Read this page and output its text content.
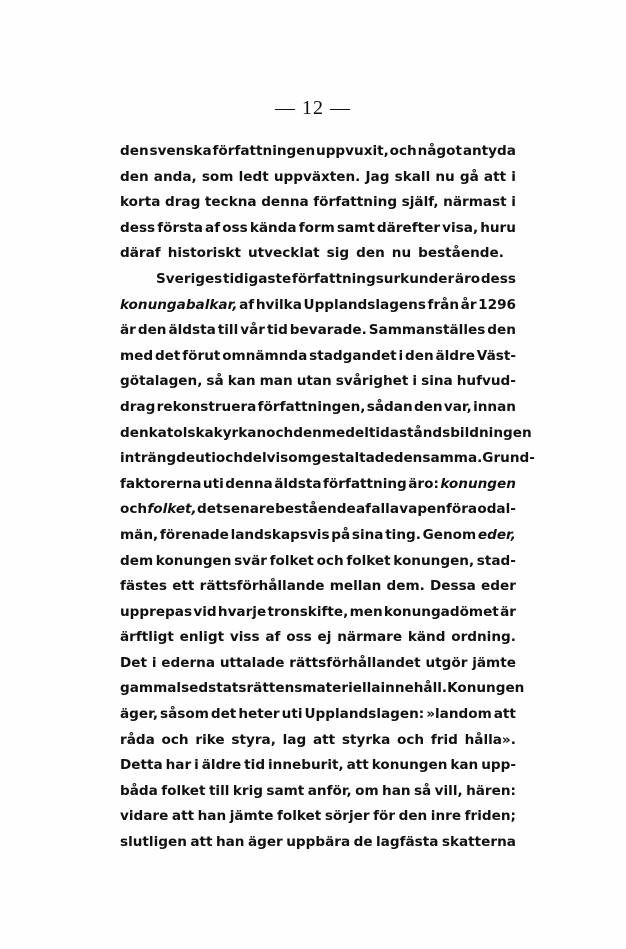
— 12 —
den svenska författningen uppvuxit, och något antyda
den anda, som ledt uppväxten. Jag skall nu gå att i
korta drag teckna denna författning själf, närmast i
dess första af oss kända form samt därefter visa, huru
däraf historiskt utvecklat sig den nu bestående.
Sveriges tidigaste författningsurkunder äro dess
konungabalkar, af hvilka Upplandslagens från år 1296
är den äldsta till vår tid bevarade. Sammanställes den
med det förut omnämnda stadgandet i den äldre Väst-
götalagen, så kan man utan svårighet i sina hufvud-
drag rekonstruera författningen, sådan den var, innan
den katolska kyrkan och den medeltida ståndsbildningen
inträngde uti och delvis omgestaltade densamma. Grund-
faktorerna uti denna äldsta författning äro: konungen
och folket, det senare bestående af alla vapenföra odal-
män, förenade landskapsvis på sina ting. Genom eder,
dem konungen svär folket och folket konungen, stad-
fästes ett rättsförhållande mellan dem. Dessa eder
upprepas vid hvarje tronskifte, men konungadömet är
ärftligt enligt viss af oss ej närmare känd ordning.
Det i ederna uttalade rättsförhållandet utgör jämte
gammal sed statsrättens materiella innehåll. Konungen
äger, såsom det heter uti Upplandslagen: »landom att
råda och rike styra, lag att styrka och frid hålla».
Detta har i äldre tid inneburit, att konungen kan upp-
båda folket till krig samt anför, om han så vill, hären:
vidare att han jämte folket sörjer för den inre friden;
slutligen att han äger uppbära de lagfästa skatterna
